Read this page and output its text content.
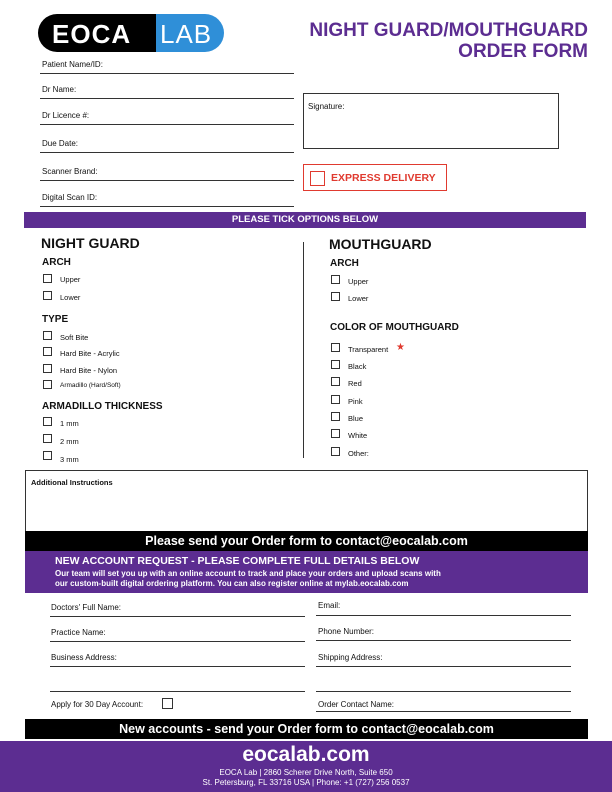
EOCA LAB	NIGHT GUARD/MOUTHGUARD
ORDER FORM
Patient Name/ID:
Dr Name:
Dr Licence #:
Due Date:
Scanner Brand:
Digital Scan ID:
Signature:
EXPRESS DELIVERY
PLEASE TICK OPTIONS BELOW
NIGHT GUARD
ARCH
Upper
Lower
TYPE
Soft Bite
Hard Bite - Acrylic
Hard Bite - Nylon
Armadillo (Hard/Soft)
ARMADILLO THICKNESS
1 mm
2 mm
3 mm
MOUTHGUARD
ARCH
Upper
Lower
COLOR OF MOUTHGUARD
Transparent ★
Black
Red
Pink
Blue
White
Other:
Additional Instructions
Please send your Order form to contact@eocalab.com
NEW ACCOUNT REQUEST - PLEASE COMPLETE FULL DETAILS BELOW
Our team will set you up with an online account to track and place your orders and upload scans with
our custom-built digital ordering platform. You can also register online at mylab.eocalab.com
Doctors' Full Name:
Practice Name:
Business Address:
Email:
Phone Number:
Shipping Address:
Apply for 30 Day Account:	Order Contact Name:
New accounts - send your Order form to contact@eocalab.com
eocalab.com
EOCA Lab | 2860 Scherer Drive North, Suite 650
St. Petersburg, FL 33716 USA | Phone: +1 (727) 256 0537
